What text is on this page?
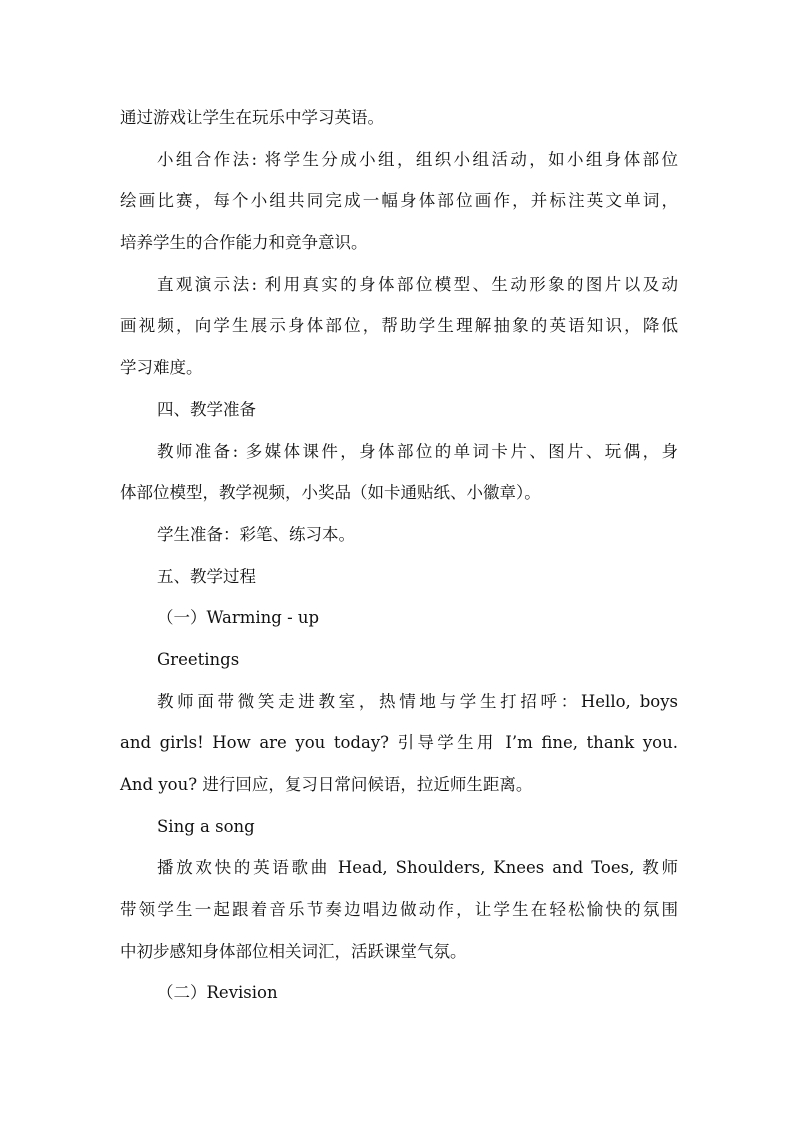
通过游戏让学生在玩乐中学习英语。
小组合作法: 将学生分成小组，组织小组活动，如小组身体部位
绘画比赛，每个小组共同完成一幅身体部位画作，并标注英文单词，
培养学生的合作能力和竞争意识。
直观演示法: 利用真实的身体部位模型、生动形象的图片以及动
画视频，向学生展示身体部位，帮助学生理解抽象的英语知识，降低
学习难度。
四、教学准备
教师准备: 多媒体课件，身体部位的单词卡片、图片、玩偶，身
体部位模型，教学视频，小奖品（如卡通贴纸、小徽章）。
学生准备：彩笔、练习本。
五、教学过程
（一）Warming - up
Greetings
教师面带微笑走进教室，热情地与学生打招呼：Hello, boys
and girls! How are you today? 引导学生用 I’m fine, thank you.
And you? 进行回应，复习日常问候语，拉近师生距离。
Sing a song
播放欢快的英语歌曲 Head, Shoulders, Knees and Toes, 教师
带领学生一起跟着音乐节奏边唱边做动作，让学生在轻松愉快的氛围
中初步感知身体部位相关词汇，活跃课堂气氛。
（二）Revision
